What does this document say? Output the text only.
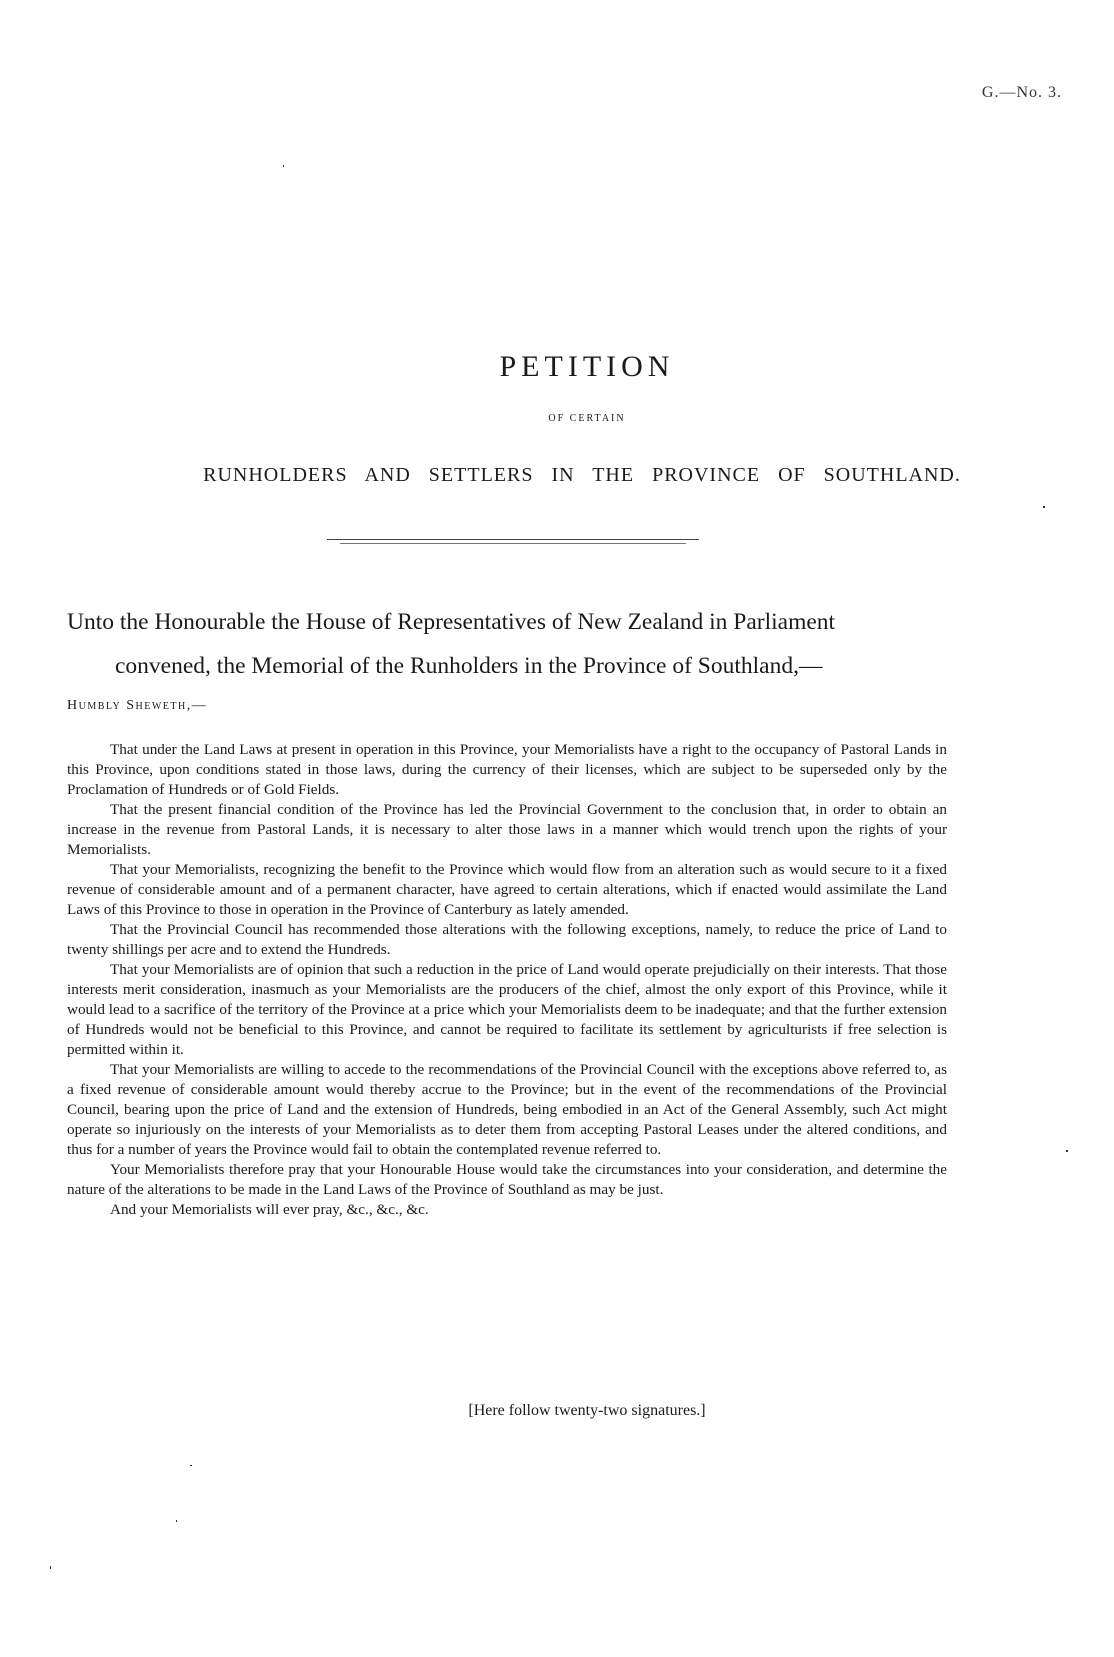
G.—No. 3.
PETITION
OF CERTAIN
RUNHOLDERS AND SETTLERS IN THE PROVINCE OF SOUTHLAND.
Unto the Honourable the House of Representatives of New Zealand in Parliament
convened, the Memorial of the Runholders in the Province of Southland,—
Humbly Sheweth,—

That under the Land Laws at present in operation in this Province, your Memorialists have a right to the occupancy of Pastoral Lands in this Province, upon conditions stated in those laws, during the currency of their licenses, which are subject to be superseded only by the Proclamation of Hundreds or of Gold Fields.

That the present financial condition of the Province has led the Provincial Government to the conclusion that, in order to obtain an increase in the revenue from Pastoral Lands, it is necessary to alter those laws in a manner which would trench upon the rights of your Memorialists.

That your Memorialists, recognizing the benefit to the Province which would flow from an alteration such as would secure to it a fixed revenue of considerable amount and of a permanent character, have agreed to certain alterations, which if enacted would assimilate the Land Laws of this Province to those in operation in the Province of Canterbury as lately amended.

That the Provincial Council has recommended those alterations with the following exceptions, namely, to reduce the price of Land to twenty shillings per acre and to extend the Hundreds.

That your Memorialists are of opinion that such a reduction in the price of Land would operate prejudicially on their interests. That those interests merit consideration, inasmuch as your Memorialists are the producers of the chief, almost the only export of this Province, while it would lead to a sacrifice of the territory of the Province at a price which your Memorialists deem to be inadequate; and that the further extension of Hundreds would not be beneficial to this Province, and cannot be required to facilitate its settlement by agriculturists if free selection is permitted within it.

That your Memorialists are willing to accede to the recommendations of the Provincial Council with the exceptions above referred to, as a fixed revenue of considerable amount would thereby accrue to the Province; but in the event of the recommendations of the Provincial Council, bearing upon the price of Land and the extension of Hundreds, being embodied in an Act of the General Assembly, such Act might operate so injuriously on the interests of your Memorialists as to deter them from accepting Pastoral Leases under the altered conditions, and thus for a number of years the Province would fail to obtain the contemplated revenue referred to.

Your Memorialists therefore pray that your Honourable House would take the circumstances into your consideration, and determine the nature of the alterations to be made in the Land Laws of the Province of Southland as may be just.

And your Memorialists will ever pray, &c., &c., &c.

[Here follow twenty-two signatures.]
